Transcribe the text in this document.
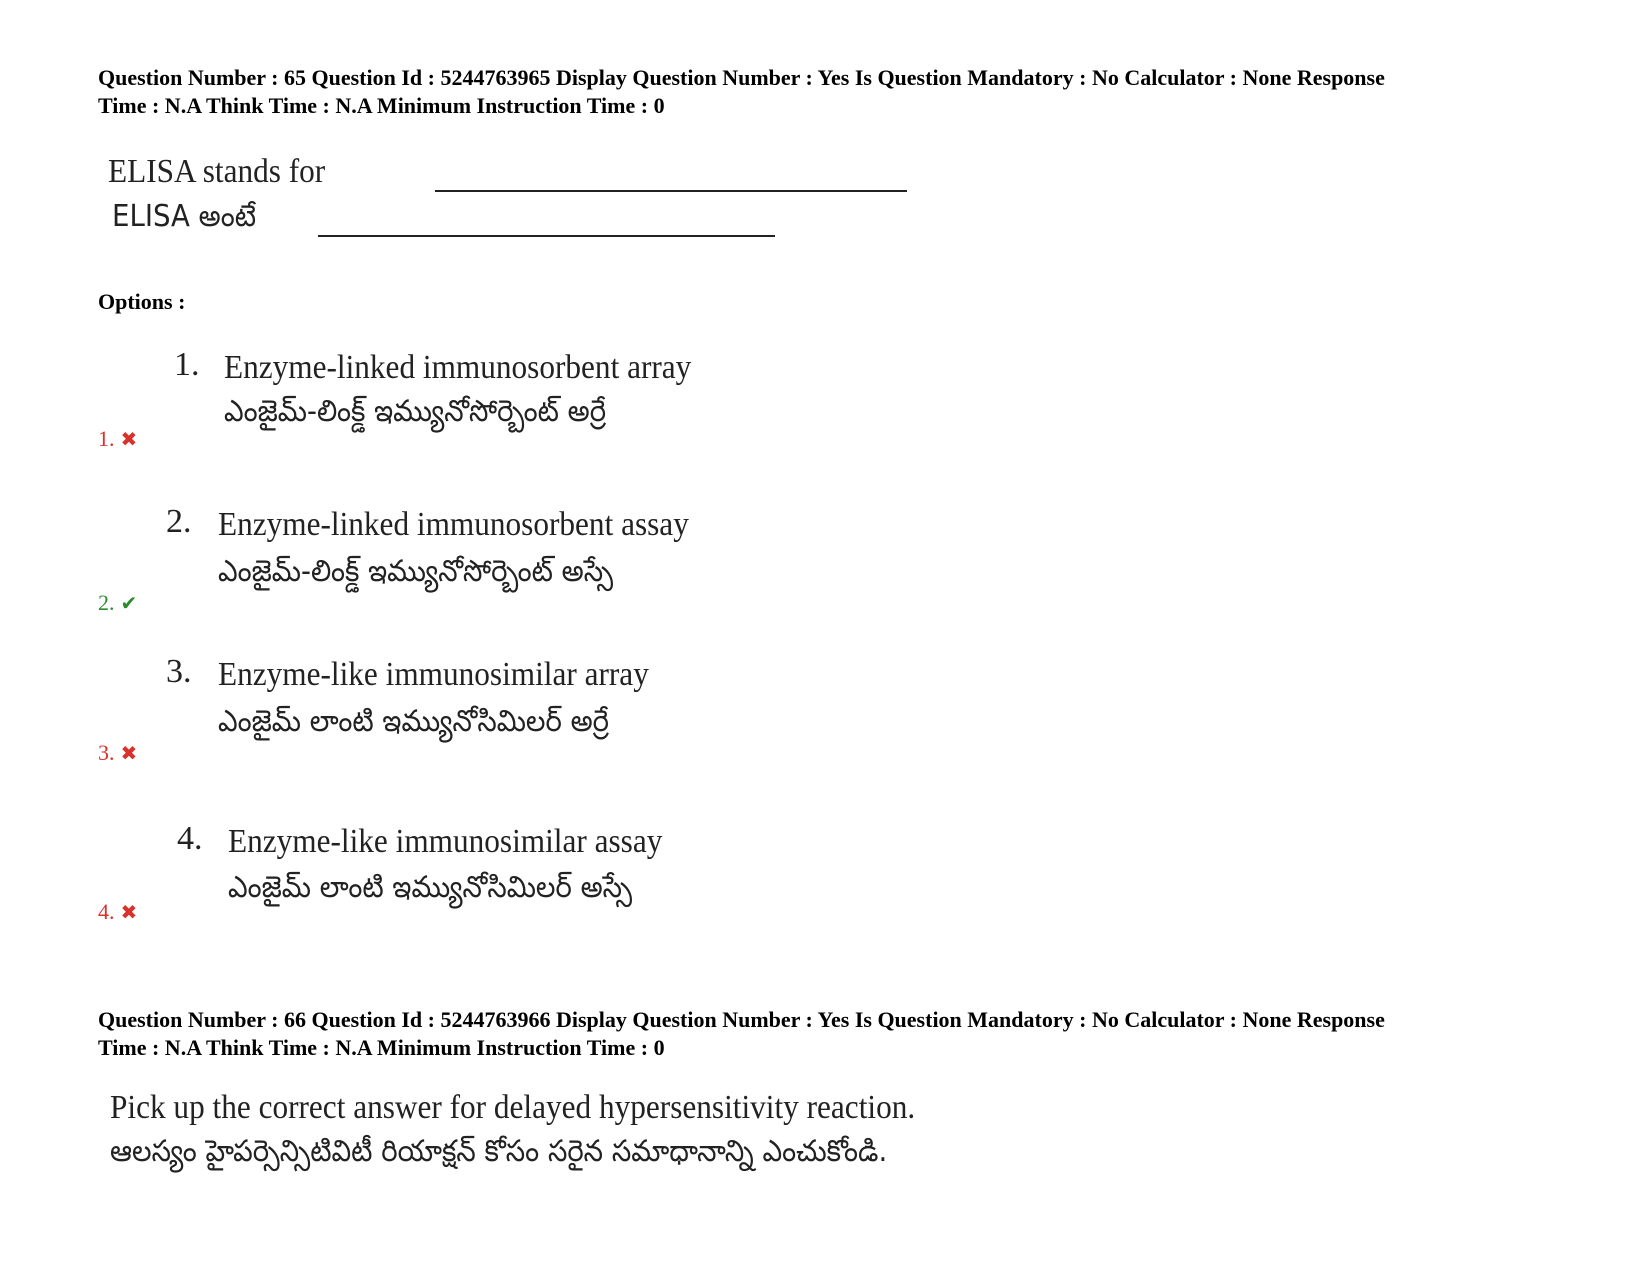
Question Number : 65 Question Id : 5244763965 Display Question Number : Yes Is Question Mandatory : No Calculator : None Response
Time : N.A Think Time : N.A Minimum Instruction Time : 0
ELISA stands for
ELISA అంటే
Options :
1. Enzyme-linked immunosorbent array
ఎంజైమ్-లింక్డ్ ఇమ్యునోసోర్బెంట్ అర్రే
1. ✖
2. Enzyme-linked immunosorbent assay
ఎంజైమ్-లింక్డ్ ఇమ్యునోసోర్బెంట్ అస్సే
2. ✔
3. Enzyme-like immunosimilar array
ఎంజైమ్ లాంటి ఇమ్యునోసిమిలర్ అర్రే
3. ✖
4. Enzyme-like immunosimilar assay
ఎంజైమ్ లాంటి ఇమ్యునోసిమిలర్ అస్సే
4. ✖
Question Number : 66 Question Id : 5244763966 Display Question Number : Yes Is Question Mandatory : No Calculator : None Response
Time : N.A Think Time : N.A Minimum Instruction Time : 0
Pick up the correct answer for delayed hypersensitivity reaction.
ఆలస్యం హైపర్సెన్సిటివిటీ రియాక్షన్ కోసం సరైన సమాధానాన్ని ఎంచుకోండి.
